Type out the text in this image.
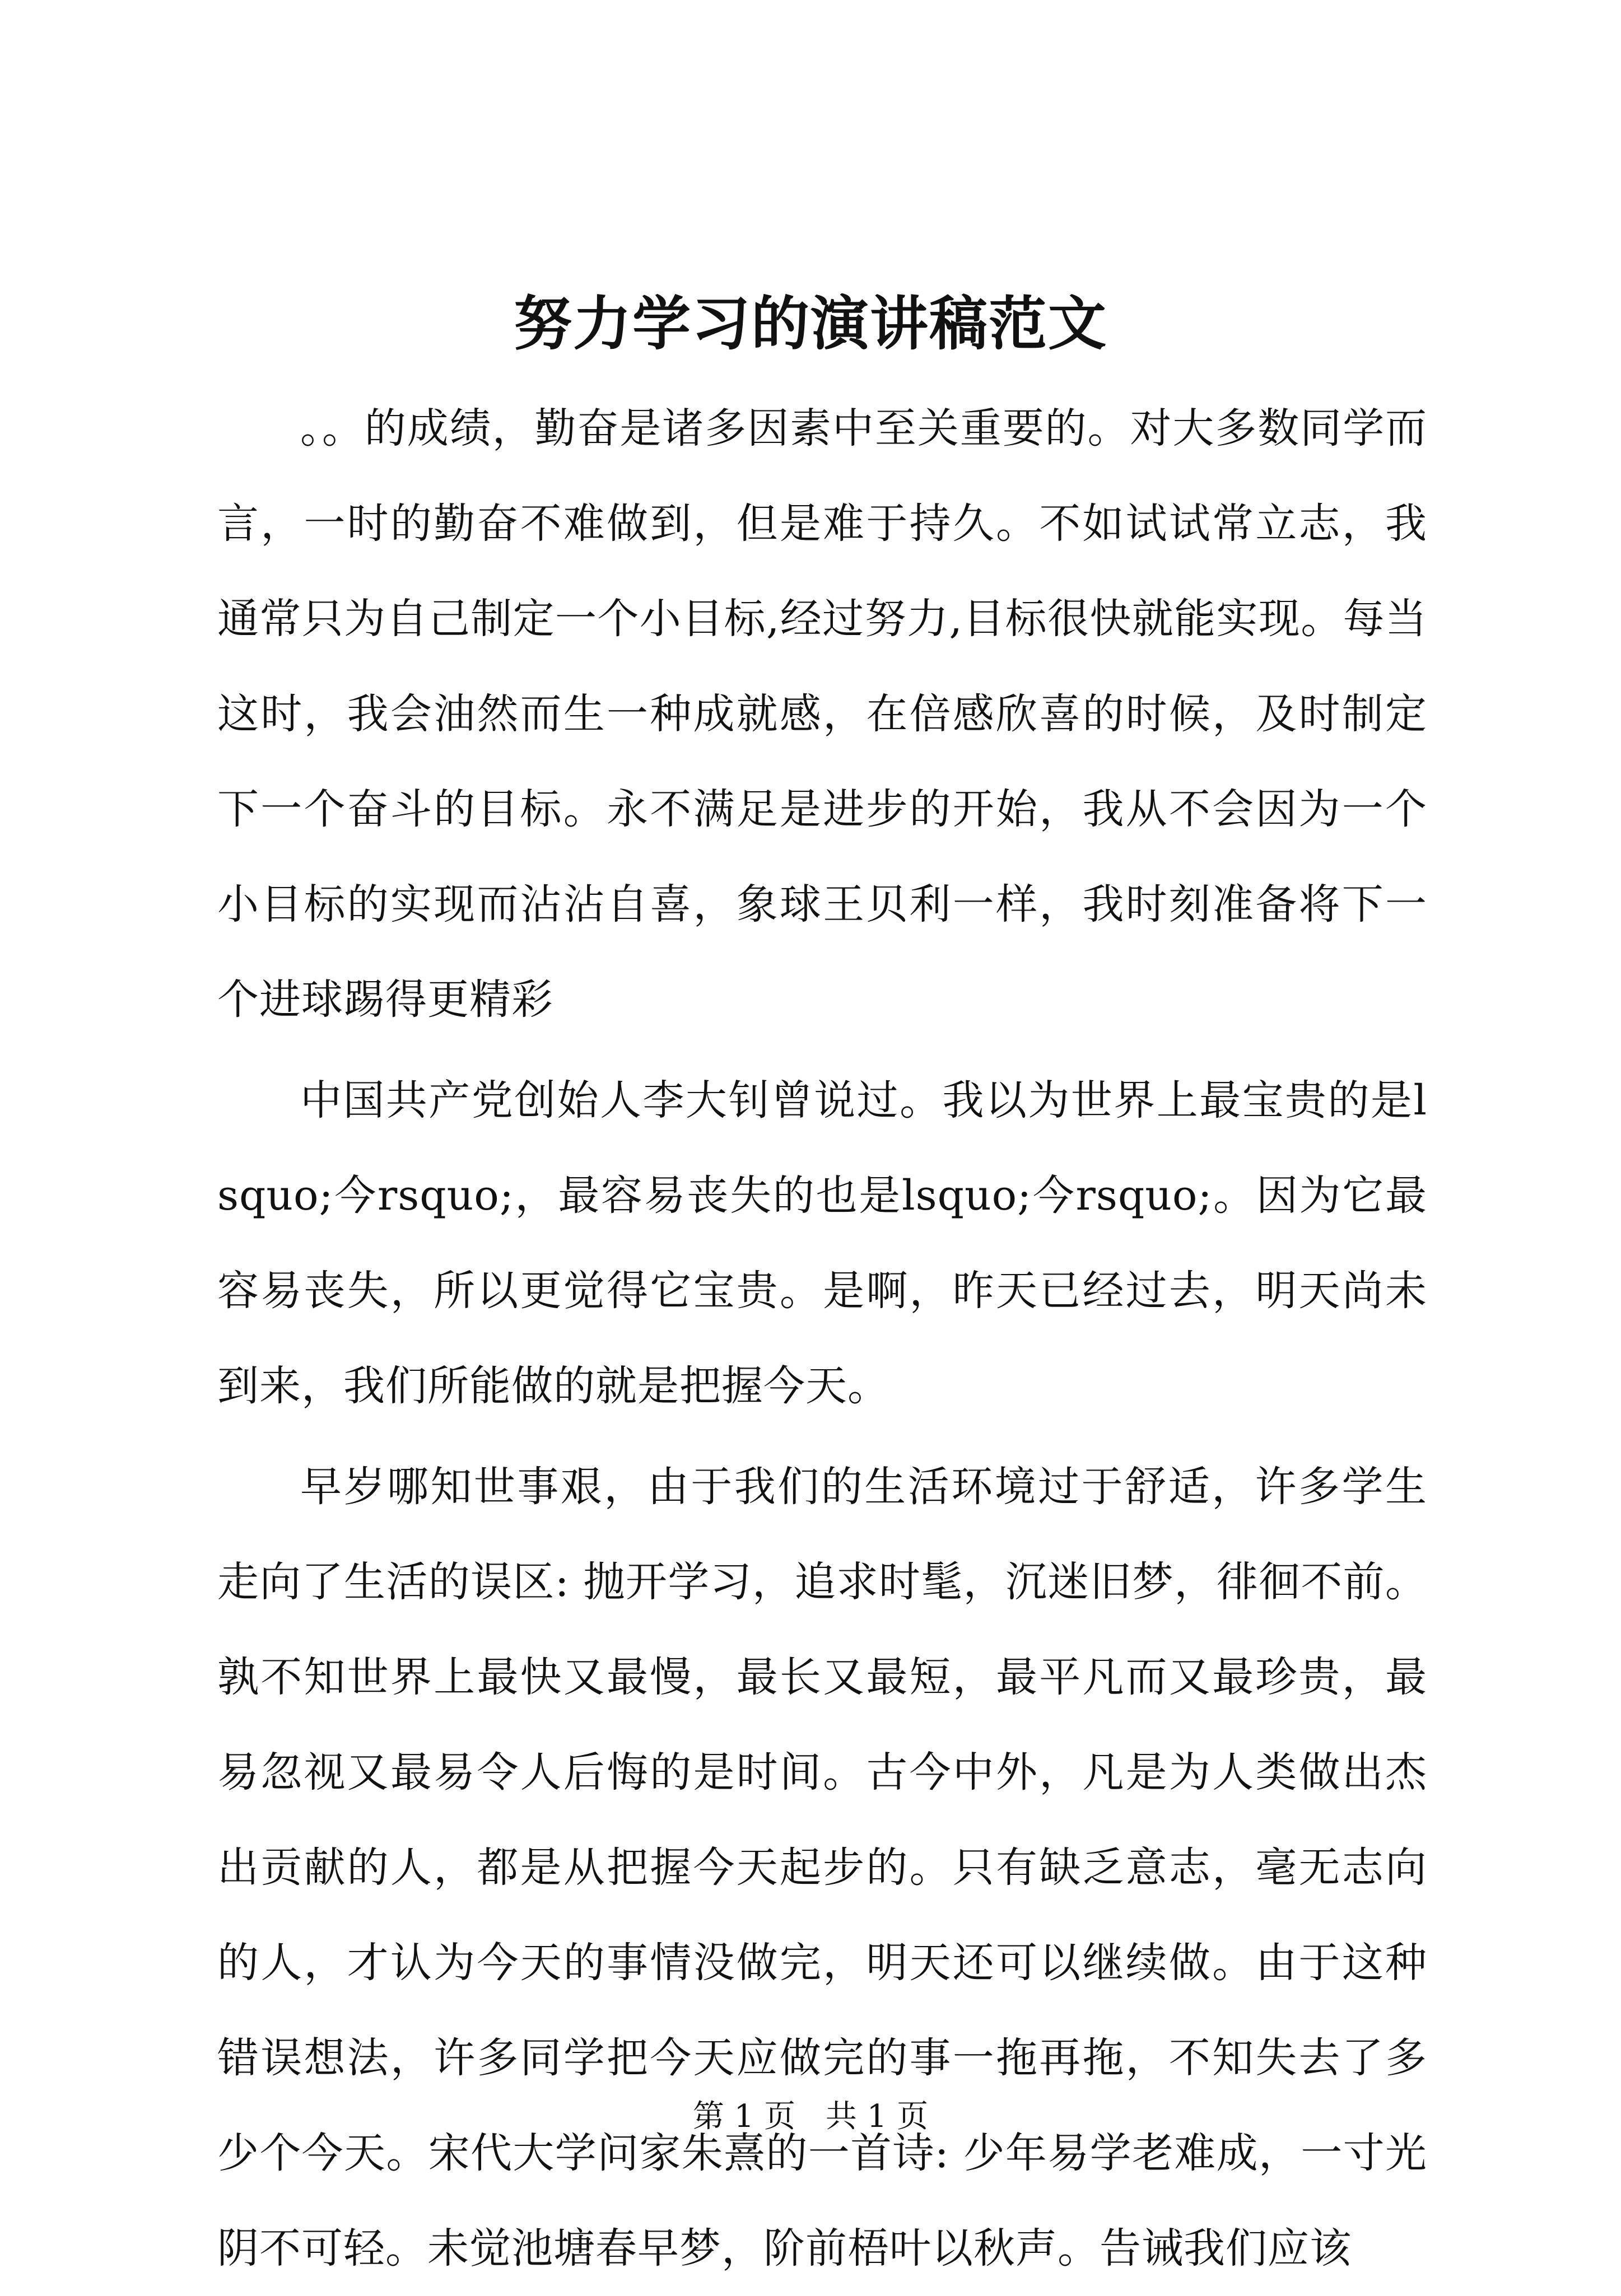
努力学习的演讲稿范文

。。的成绩，勤奋是诸多因素中至关重要的。对大多数同学而言，一时的勤奋不难做到，但是难于持久。不如试试常立志，我通常只为自己制定一个小目标,经过努力,目标很快就能实现。每当这时，我会油然而生一种成就感，在倍感欣喜的时候，及时制定下一个奋斗的目标。永不满足是进步的开始，我从不会因为一个小目标的实现而沾沾自喜，象球王贝利一样，我时刻准备将下一个进球踢得更精彩

中国共产党创始人李大钊曾说过。我以为世界上最宝贵的是lsquo;今rsquo;，最容易丧失的也是lsquo;今rsquo;。因为它最容易丧失，所以更觉得它宝贵。是啊，昨天已经过去，明天尚未到来，我们所能做的就是把握今天。

早岁哪知世事艰，由于我们的生活环境过于舒适，许多学生走向了生活的误区: 抛开学习，追求时髦，沉迷旧梦，徘徊不前。孰不知世界上最快又最慢，最长又最短，最平凡而又最珍贵，最易忽视又最易令人后悔的是时间。古今中外，凡是为人类做出杰出贡献的人，都是从把握今天起步的。只有缺乏意志，毫无志向的人，才认为今天的事情没做完，明天还可以继续做。由于这种错误想法，许多同学把今天应做完的事一拖再拖，不知失去了多少个今天。宋代大学问家朱熹的一首诗: 少年易学老难成，一寸光阴不可轻。未觉池塘春早梦，阶前梧叶以秋声。告诫我们应该

第 1 页 共 1 页
